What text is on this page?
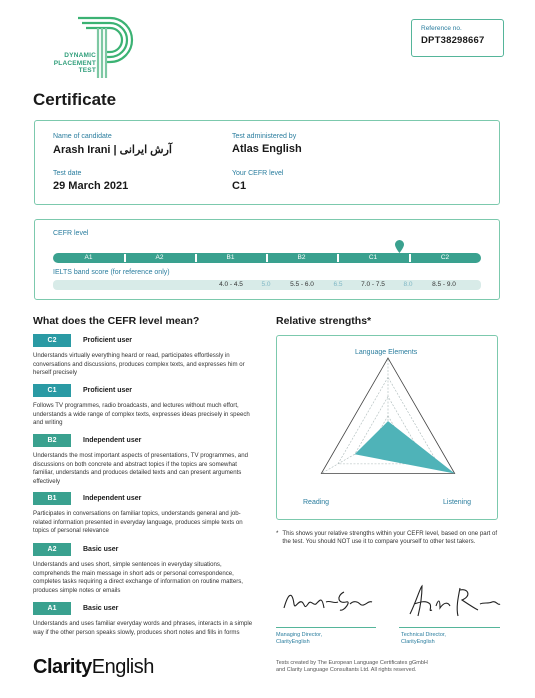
DYNAMIC
PLACEMENT
TEST
Reference no.
DPT38298667
Certificate
Name of candidate
Arash Irani | آرش ایرانی
Test administered by
Atlas English
Test date
29 March 2021
Your CEFR level
C1
CEFR level
A1	A2	B1	B2	C1	C2
IELTS band score (for reference only)
4.0 - 4.5	5.0	5.5 - 6.0	6.5	7.0 - 7.5	8.0	8.5 - 9.0
What does the CEFR level mean?
C2	Proficient user
Understands virtually everything heard or read, participates effortlessly in conversations and discussions, produces complex texts, and expresses him or herself precisely
C1	Proficient user
Follows TV programmes, radio broadcasts, and lectures without much effort, understands a wide range of complex texts, expresses ideas precisely in speech and writing
B2	Independent user
Understands the most important aspects of presentations, TV programmes, and discussions on both concrete and abstract topics if the topics are somewhat familiar, understands and produces detailed texts and can present arguments effectively
B1	Independent user
Participates in conversations on familiar topics, understands general and job-related information presented in everyday language, produces simple texts on topics of personal relevance
A2	Basic user
Understands and uses short, simple sentences in everyday situations, comprehends the main message in short ads or personal correspondence, completes tasks requiring a direct exchange of information on routine matters, produces simple notes or emails
A1	Basic user
Understands and uses familiar everyday words and phrases, interacts in a simple way if the other person speaks slowly, produces short notes and fills in forms
Relative strengths*
Language Elements
Reading	Listening
* This shows your relative strengths within your CEFR level, based on one part of the test. You should NOT use it to compare yourself to other test takers.
Managing Director,
ClarityEnglish
Technical Director,
ClarityEnglish
ClarityEnglish	Tests created by The European Language Certificates gGmbH
and Clarity Language Consultants Ltd. All rights reserved.
